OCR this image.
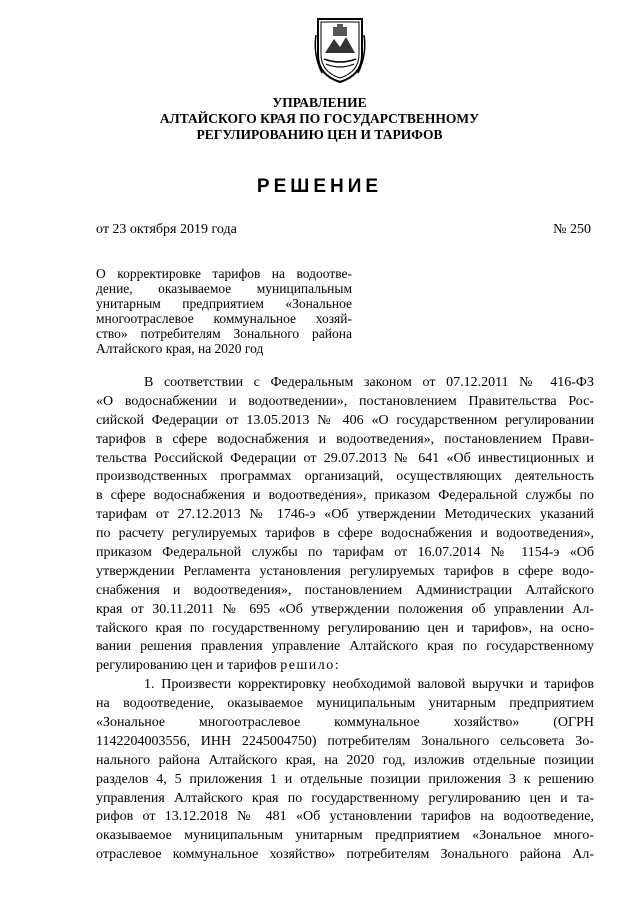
УПРАВЛЕНИЕ
АЛТАЙСКОГО КРАЯ ПО ГОСУДАРСТВЕННОМУ
РЕГУЛИРОВАНИЮ ЦЕН И ТАРИФОВ
РЕШЕНИЕ
от 23 октября 2019 года	№ 250
О корректировке тарифов на водоотве-
дение, оказываемое муниципальным
унитарным предприятием «Зональное
многоотраслевое коммунальное хозяй-
ство» потребителям Зонального района
Алтайского края, на 2020 год
В соответствии с Федеральным законом от 07.12.2011 № 416-ФЗ
«О водоснабжении и водоотведении», постановлением Правительства Рос-
сийской Федерации от 13.05.2013 № 406 «О государственном регулировании
тарифов в сфере водоснабжения и водоотведения», постановлением Прави-
тельства Российской Федерации от 29.07.2013 № 641 «Об инвестиционных и
производственных программах организаций, осуществляющих деятельность
в сфере водоснабжения и водоотведения», приказом Федеральной службы по
тарифам от 27.12.2013 № 1746-э «Об утверждении Методических указаний
по расчету регулируемых тарифов в сфере водоснабжения и водоотведения»,
приказом Федеральной службы по тарифам от 16.07.2014 № 1154-э «Об
утверждении Регламента установления регулируемых тарифов в сфере водо-
снабжения и водоотведения», постановлением Администрации Алтайского
края от 30.11.2011 № 695 «Об утверждении положения об управлении Ал-
тайского края по государственному регулированию цен и тарифов», на осно-
вании решения правления управление Алтайского края по государственному
регулированию цен и тарифов решило:
1. Произвести корректировку необходимой валовой выручки и тарифов
на водоотведение, оказываемое муниципальным унитарным предприятием
«Зональное многоотраслевое коммунальное хозяйство» (ОГРН
1142204003556, ИНН 2245004750) потребителям Зонального сельсовета Зо-
нального района Алтайского края, на 2020 год, изложив отдельные позиции
разделов 4, 5 приложения 1 и отдельные позиции приложения 3 к решению
управления Алтайского края по государственному регулированию цен и та-
рифов от 13.12.2018 № 481 «Об установлении тарифов на водоотведение,
оказываемое муниципальным унитарным предприятием «Зональное много-
отраслевое коммунальное хозяйство» потребителям Зонального района Ал-
